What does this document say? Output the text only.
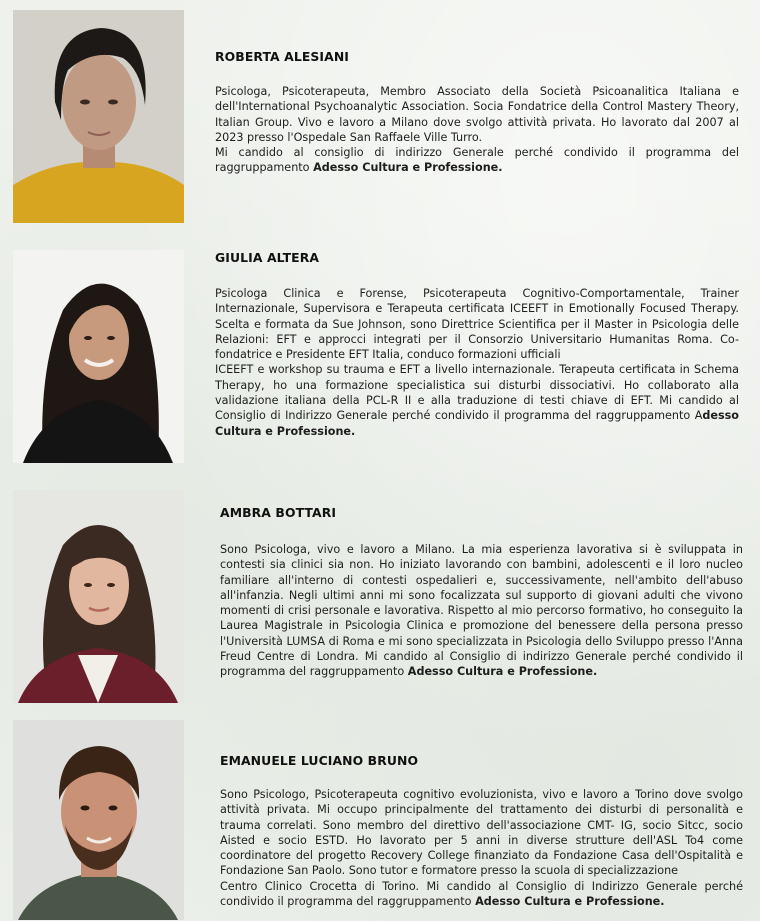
ROBERTA ALESIANI

Psicologa, Psicoterapeuta, Membro Associato della Società Psicoanalitica Italiana e dell'International Psychoanalytic Association. Socia Fondatrice della Control Mastery Theory, Italian Group. Vivo e lavoro a Milano dove svolgo attività privata. Ho lavorato dal 2007 al 2023 presso l'Ospedale San Raffaele Ville Turro.

Mi candido al consiglio di indirizzo Generale perché condivido il programma del raggruppamento Adesso Cultura e Professione.

GIULIA ALTERA

Psicologa Clinica e Forense, Psicoterapeuta Cognitivo-Comportamentale, Trainer Internazionale, Supervisora e Terapeuta certificata ICEEFT in Emotionally Focused Therapy. Scelta e formata da Sue Johnson, sono Direttrice Scientifica per il Master in Psicologia delle Relazioni: EFT e approcci integrati per il Consorzio Universitario Humanitas Roma. Co-fondatrice e Presidente EFT Italia, conduco formazioni ufficiali

ICEEFT e workshop su trauma e EFT a livello internazionale. Terapeuta certificata in Schema Therapy, ho una formazione specialistica sui disturbi dissociativi. Ho collaborato alla validazione italiana della PCL-R II e alla traduzione di testi chiave di EFT. Mi candido al Consiglio di Indirizzo Generale perché condivido il programma del raggruppamento Adesso Cultura e Professione.

AMBRA BOTTARI

Sono Psicologa, vivo e lavoro a Milano. La mia esperienza lavorativa si è sviluppata in contesti sia clinici sia non. Ho iniziato lavorando con bambini, adolescenti e il loro nucleo familiare all'interno di contesti ospedalieri e, successivamente, nell'ambito dell'abuso all'infanzia. Negli ultimi anni mi sono focalizzata sul supporto di giovani adulti che vivono momenti di crisi personale e lavorativa. Rispetto al mio percorso formativo, ho conseguito la Laurea Magistrale in Psicologia Clinica e promozione del benessere della persona presso l'Università LUMSA di Roma e mi sono specializzata in Psicologia dello Sviluppo presso l'Anna Freud Centre di Londra. Mi candido al Consiglio di indirizzo Generale perché condivido il programma del raggruppamento Adesso Cultura e Professione.

EMANUELE LUCIANO BRUNO

Sono Psicologo, Psicoterapeuta cognitivo evoluzionista, vivo e lavoro a Torino dove svolgo attività privata. Mi occupo principalmente del trattamento dei disturbi di personalità e trauma correlati. Sono membro del direttivo dell'associazione CMT- IG, socio Sitcc, socio Aisted e socio ESTD. Ho lavorato per 5 anni in diverse strutture dell'ASL To4 come coordinatore del progetto Recovery College finanziato da Fondazione Casa dell'Ospitalità e Fondazione San Paolo. Sono tutor e formatore presso la scuola di specializzazione

Centro Clinico Crocetta di Torino. Mi candido al Consiglio di Indirizzo Generale perché condivido il programma del raggruppamento Adesso Cultura e Professione.
